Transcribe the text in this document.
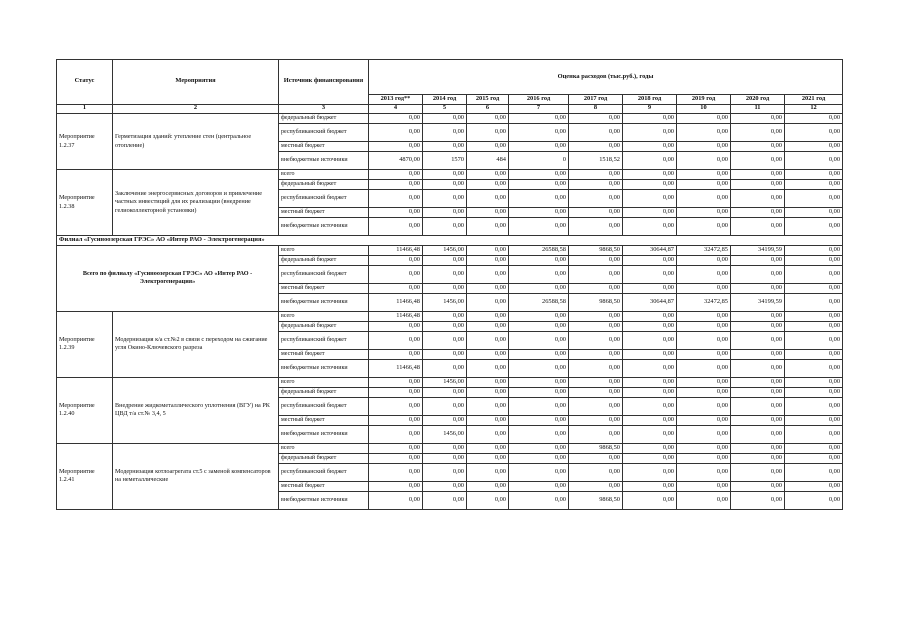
Статус	Мероприятия	Источник финансирования	Оценка расходов (тыс.руб.), годы								
			2013 год**	2014 год	2015 год	2016 год	2017 год	2018 год	2019 год	2020 год	2021 год
1	2	3	4	5	6	7	8	9	10	11	12
Мероприятие 1.2.37	Герметизация зданий: утепление стен (центральное отопление)	федеральный бюджет	0,00	0,00	0,00	0,00	0,00	0,00	0,00	0,00	0,00
		республиканский бюджет	0,00	0,00	0,00	0,00	0,00	0,00	0,00	0,00	0,00
		местный бюджет	0,00	0,00	0,00	0,00	0,00	0,00	0,00	0,00	0,00
		внебюджетные источники	4870,00	1570	484	0	1518,52	0,00	0,00	0,00	0,00
Мероприятие 1.2.38	Заключение энергосервисных договоров и привлечение частных инвестиций для их реализации (внедрение гелиоколлекторной установки)	всего	0,00	0,00	0,00	0,00	0,00	0,00	0,00	0,00	0,00
		федеральный бюджет	0,00	0,00	0,00	0,00	0,00	0,00	0,00	0,00	0,00
		республиканский бюджет	0,00	0,00	0,00	0,00	0,00	0,00	0,00	0,00	0,00
		местный бюджет	0,00	0,00	0,00	0,00	0,00	0,00	0,00	0,00	0,00
		внебюджетные источники	0,00	0,00	0,00	0,00	0,00	0,00	0,00	0,00	0,00
Филиал «Гусиноозерская ГРЭС» АО «Интер РАО - Электрогенерация»											
Всего по филиалу «Гусиноозерская ГРЭС» АО «Интер РАО - Электрогенерация»		всего	11466,48	1456,00	0,00	26588,58	9868,50	30644,87	32472,85	34199,59	0,00
		федеральный бюджет	0,00	0,00	0,00	0,00	0,00	0,00	0,00	0,00	0,00
		республиканский бюджет	0,00	0,00	0,00	0,00	0,00	0,00	0,00	0,00	0,00
		местный бюджет	0,00	0,00	0,00	0,00	0,00	0,00	0,00	0,00	0,00
		внебюджетные источники	11466,48	1456,00	0,00	26588,58	9868,50	30644,87	32472,85	34199,59	0,00
Мероприятие 1.2.39	Модернизация к/а ст.№2 в связи с переходом на сжигание угля Окино-Ключевского разреза	всего	11466,48	0,00	0,00	0,00	0,00	0,00	0,00	0,00	0,00
		федеральный бюджет	0,00	0,00	0,00	0,00	0,00	0,00	0,00	0,00	0,00
		республиканский бюджет	0,00	0,00	0,00	0,00	0,00	0,00	0,00	0,00	0,00
		местный бюджет	0,00	0,00	0,00	0,00	0,00	0,00	0,00	0,00	0,00
		внебюджетные источники	11466,48	0,00	0,00	0,00	0,00	0,00	0,00	0,00	0,00
Мероприятие 1.2.40	Внедрение жидкометаллического уплотнения (ВГУ) на РК ЦВД т/а ст.№ 3,4, 5	всего	0,00	1456,00	0,00	0,00	0,00	0,00	0,00	0,00	0,00
		федеральный бюджет	0,00	0,00	0,00	0,00	0,00	0,00	0,00	0,00	0,00
		республиканский бюджет	0,00	0,00	0,00	0,00	0,00	0,00	0,00	0,00	0,00
		местный бюджет	0,00	0,00	0,00	0,00	0,00	0,00	0,00	0,00	0,00
		внебюджетные источники	0,00	1456,00	0,00	0,00	0,00	0,00	0,00	0,00	0,00
Мероприятие 1.2.41	Модернизация котлоагрегата ст.5 с заменой компенсаторов на неметаллические	всего	0,00	0,00	0,00	0,00	9868,50	0,00	0,00	0,00	0,00
		федеральный бюджет	0,00	0,00	0,00	0,00	0,00	0,00	0,00	0,00	0,00
		республиканский бюджет	0,00	0,00	0,00	0,00	0,00	0,00	0,00	0,00	0,00
		местный бюджет	0,00	0,00	0,00	0,00	0,00	0,00	0,00	0,00	0,00
		внебюджетные источники	0,00	0,00	0,00	0,00	9868,50	0,00	0,00	0,00	0,00
